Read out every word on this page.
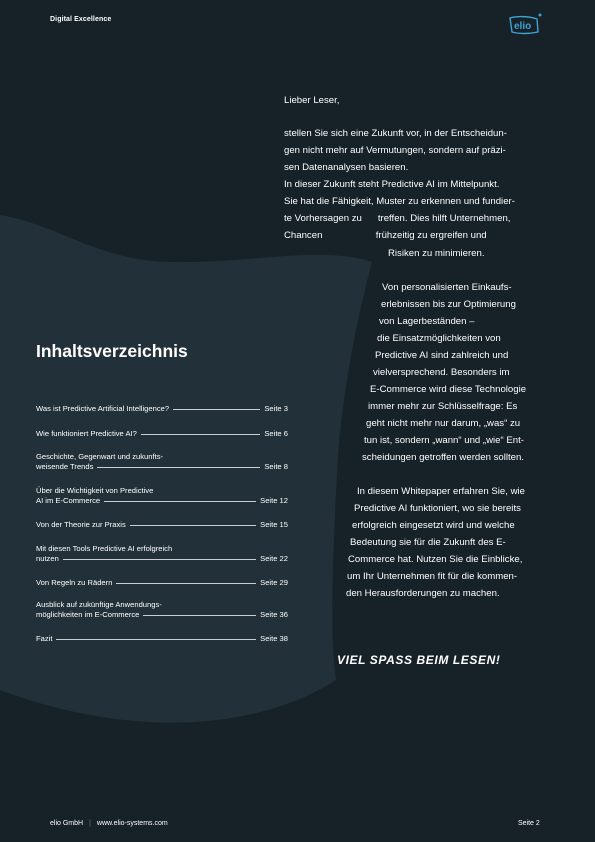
Digital Excellence
elio
Lieber Leser,
stellen Sie sich eine Zukunft vor, in der Entscheidun-
gen nicht mehr auf Vermutungen, sondern auf präzi-
sen Datenanalysen basieren.
In dieser Zukunft steht Predictive AI im Mittelpunkt.
Sie hat die Fähigkeit, Muster zu erkennen und fundier-
te Vorhersagen zu      treffen. Dies hilft Unternehmen,
Chancen                    frühzeitig zu ergreifen und
Risiken zu minimieren.
Von personalisierten Einkaufs-
erlebnissen bis zur Optimierung
von Lagerbeständen –
die Einsatzmöglichkeiten von
Predictive AI sind zahlreich und
vielversprechend. Besonders im
E-Commerce wird diese Technologie
immer mehr zur Schlüsselfrage: Es
geht nicht mehr nur darum, „was“ zu
tun ist, sondern „wann“ und „wie“ Ent-
scheidungen getroffen werden sollten.
In diesem Whitepaper erfahren Sie, wie
Predictive AI funktioniert, wo sie bereits
erfolgreich eingesetzt wird und welche
Bedeutung sie für die Zukunft des E-
Commerce hat. Nutzen Sie die Einblicke,
um Ihr Unternehmen fit für die kommen-
den Herausforderungen zu machen.
Inhaltsverzeichnis
Was ist Predictive Artificial Intelligence?	Seite 3
Wie funktioniert Predictive AI?	Seite 6
Geschichte, Gegenwart und zukunfts-
weisende Trends	Seite 8
Über die Wichtigkeit von Predictive
AI im E-Commerce	Seite 12
Von der Theorie zur Praxis	Seite 15
Mit diesen Tools Predictive AI erfolgreich
nutzen	Seite 22
Von Regeln zu Rädern	Seite 29
Ausblick auf zukünftige Anwendungs-
möglichkeiten im E-Commerce	Seite 36
Fazit	Seite 38
VIEL SPASS BEIM LESEN!
elio GmbH | www.elio-systems.com	Seite 2
